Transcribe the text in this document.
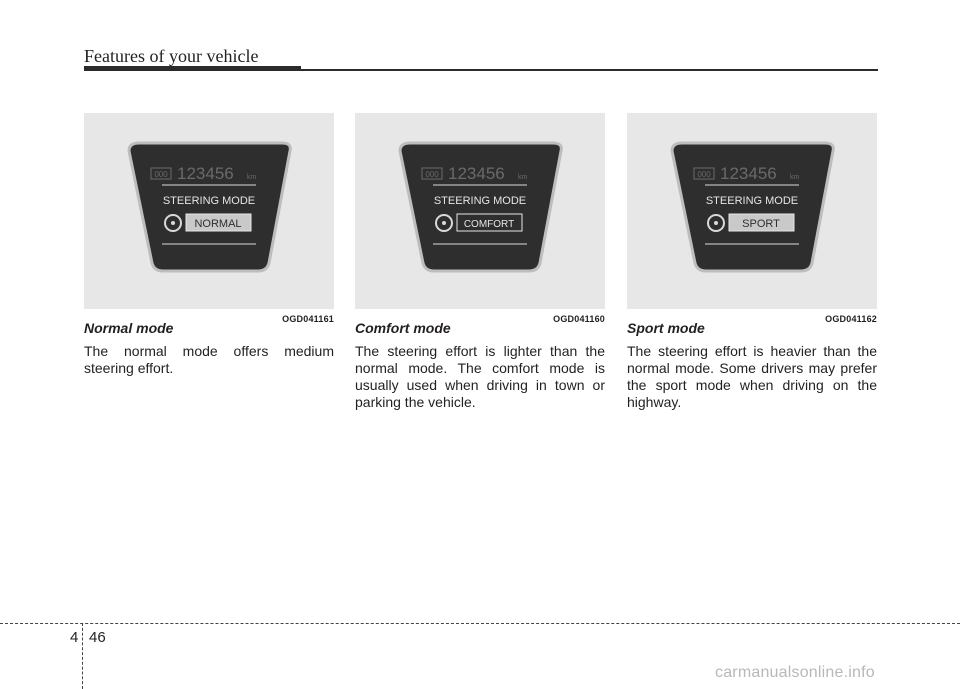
Features of your vehicle
000 123456 km
STEERING MODE
NORMAL
OGD041161
Normal mode
The normal mode offers medium steering effort.
000 123456 km
STEERING MODE
COMFORT
OGD041160
Comfort mode
The steering effort is lighter than the normal mode. The comfort mode is usually used when driving in town or parking the vehicle.
000 123456 km
STEERING MODE
SPORT
OGD041162
Sport mode
The steering effort is heavier than the normal mode. Some drivers may prefer the sport mode when driving on the highway.
4 46
carmanualsonline.info
